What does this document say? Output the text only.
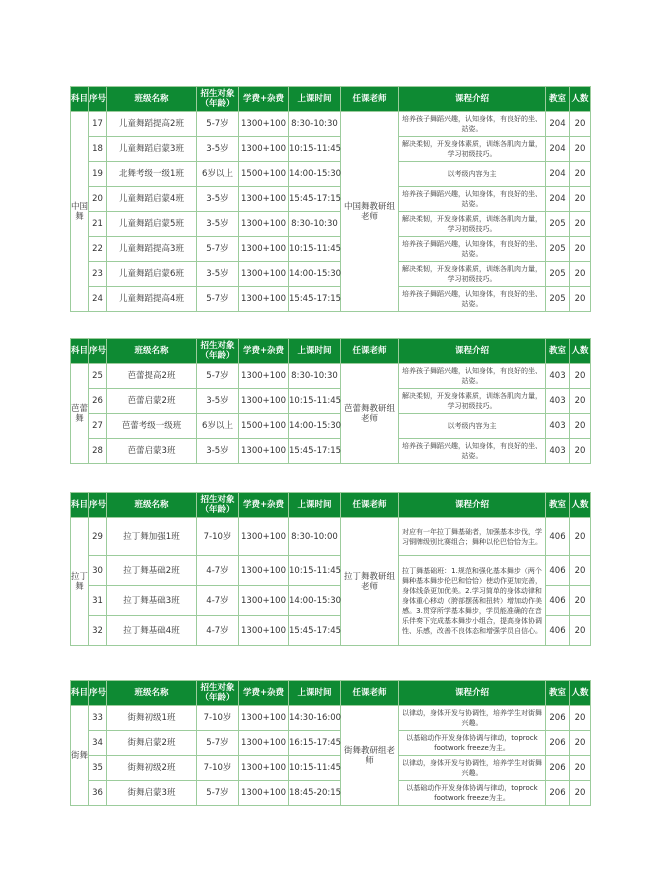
科目	序号	班级名称	招生对象（年龄）	学费+杂费	上课时间	任课老师	课程介绍	教室	人数
中国舞	17	儿童舞蹈提高2班	5-7岁	1300+100	8:30-10:30	中国舞教研组老师	培养孩子舞蹈兴趣，认知身体，有良好的坐、站姿。	204	20
	18	儿童舞蹈启蒙3班	3-5岁	1300+100	10:15-11:45		解决柔韧，开发身体素质，训练各肌肉力量，学习初级技巧。	204	20
	19	北舞考级一级1班	6岁以上	1500+100	14:00-15:30		以考级内容为主	204	20
	20	儿童舞蹈启蒙4班	3-5岁	1300+100	15:45-17:15		培养孩子舞蹈兴趣，认知身体，有良好的坐、站姿。	204	20
	21	儿童舞蹈启蒙5班	3-5岁	1300+100	8:30-10:30		解决柔韧，开发身体素质，训练各肌肉力量，学习初级技巧。	205	20
	22	儿童舞蹈提高3班	5-7岁	1300+100	10:15-11:45		培养孩子舞蹈兴趣，认知身体，有良好的坐、站姿。	205	20
	23	儿童舞蹈启蒙6班	3-5岁	1300+100	14:00-15:30		解决柔韧，开发身体素质，训练各肌肉力量，学习初级技巧。	205	20
	24	儿童舞蹈提高4班	5-7岁	1300+100	15:45-17:15		培养孩子舞蹈兴趣，认知身体，有良好的坐、站姿。	205	20
科目	序号	班级名称	招生对象（年龄）	学费+杂费	上课时间	任课老师	课程介绍	教室	人数
芭蕾舞	25	芭蕾提高2班	5-7岁	1300+100	8:30-10:30	芭蕾舞教研组老师	培养孩子舞蹈兴趣，认知身体，有良好的坐、站姿。	403	20
	26	芭蕾启蒙2班	3-5岁	1300+100	10:15-11:45		解决柔韧，开发身体素质，训练各肌肉力量，学习初级技巧。	403	20
	27	芭蕾考级一级班	6岁以上	1500+100	14:00-15:30		以考级内容为主	403	20
	28	芭蕾启蒙3班	3-5岁	1300+100	15:45-17:15		培养孩子舞蹈兴趣，认知身体，有良好的坐、站姿。	403	20
科目	序号	班级名称	招生对象（年龄）	学费+杂费	上课时间	任课老师	课程介绍	教室	人数
拉丁舞	29	拉丁舞加强1班	7-10岁	1300+100	8:30-10:00	拉丁舞教研组老师	对应有一年拉丁舞基础者，加强基本步伐，学习铜牌级别比赛组合；舞种以伦巴恰恰为主。	406	20
	30	拉丁舞基础2班	4-7岁	1300+100	10:15-11:45		拉丁舞基础班：1.规范和强化基本舞步（两个舞种基本舞步伦巴和恰恰）使动作更加完善，身体线条更加优美。2.学习简单的身体动律和身体重心移动（胯部摆荡和扭转）增加动作美感。3.贯穿所学基本舞步，学员能准确的在音乐伴奏下完成基本舞步小组合，提高身体协调性、乐感，改善不良体态和增强学员自信心。	406	20
	31	拉丁舞基础3班	4-7岁	1300+100	14:00-15:30			406	20
	32	拉丁舞基础4班	4-7岁	1300+100	15:45-17:45			406	20
科目	序号	班级名称	招生对象（年龄）	学费+杂费	上课时间	任课老师	课程介绍	教室	人数
街舞	33	街舞初级1班	7-10岁	1300+100	14:30-16:00	街舞教研组老师	以律动，身体开发与协调性，培养学生对街舞兴趣。	206	20
	34	街舞启蒙2班	5-7岁	1300+100	16:15-17:45		以基础动作开发身体协调与律动，toprock footwork freeze为主。	206	20
	35	街舞初级2班	7-10岁	1300+100	10:15-11:45		以律动，身体开发与协调性，培养学生对街舞兴趣。	206	20
	36	街舞启蒙3班	5-7岁	1300+100	18:45-20:15		以基础动作开发身体协调与律动，toprock footwork freeze为主。	206	20
